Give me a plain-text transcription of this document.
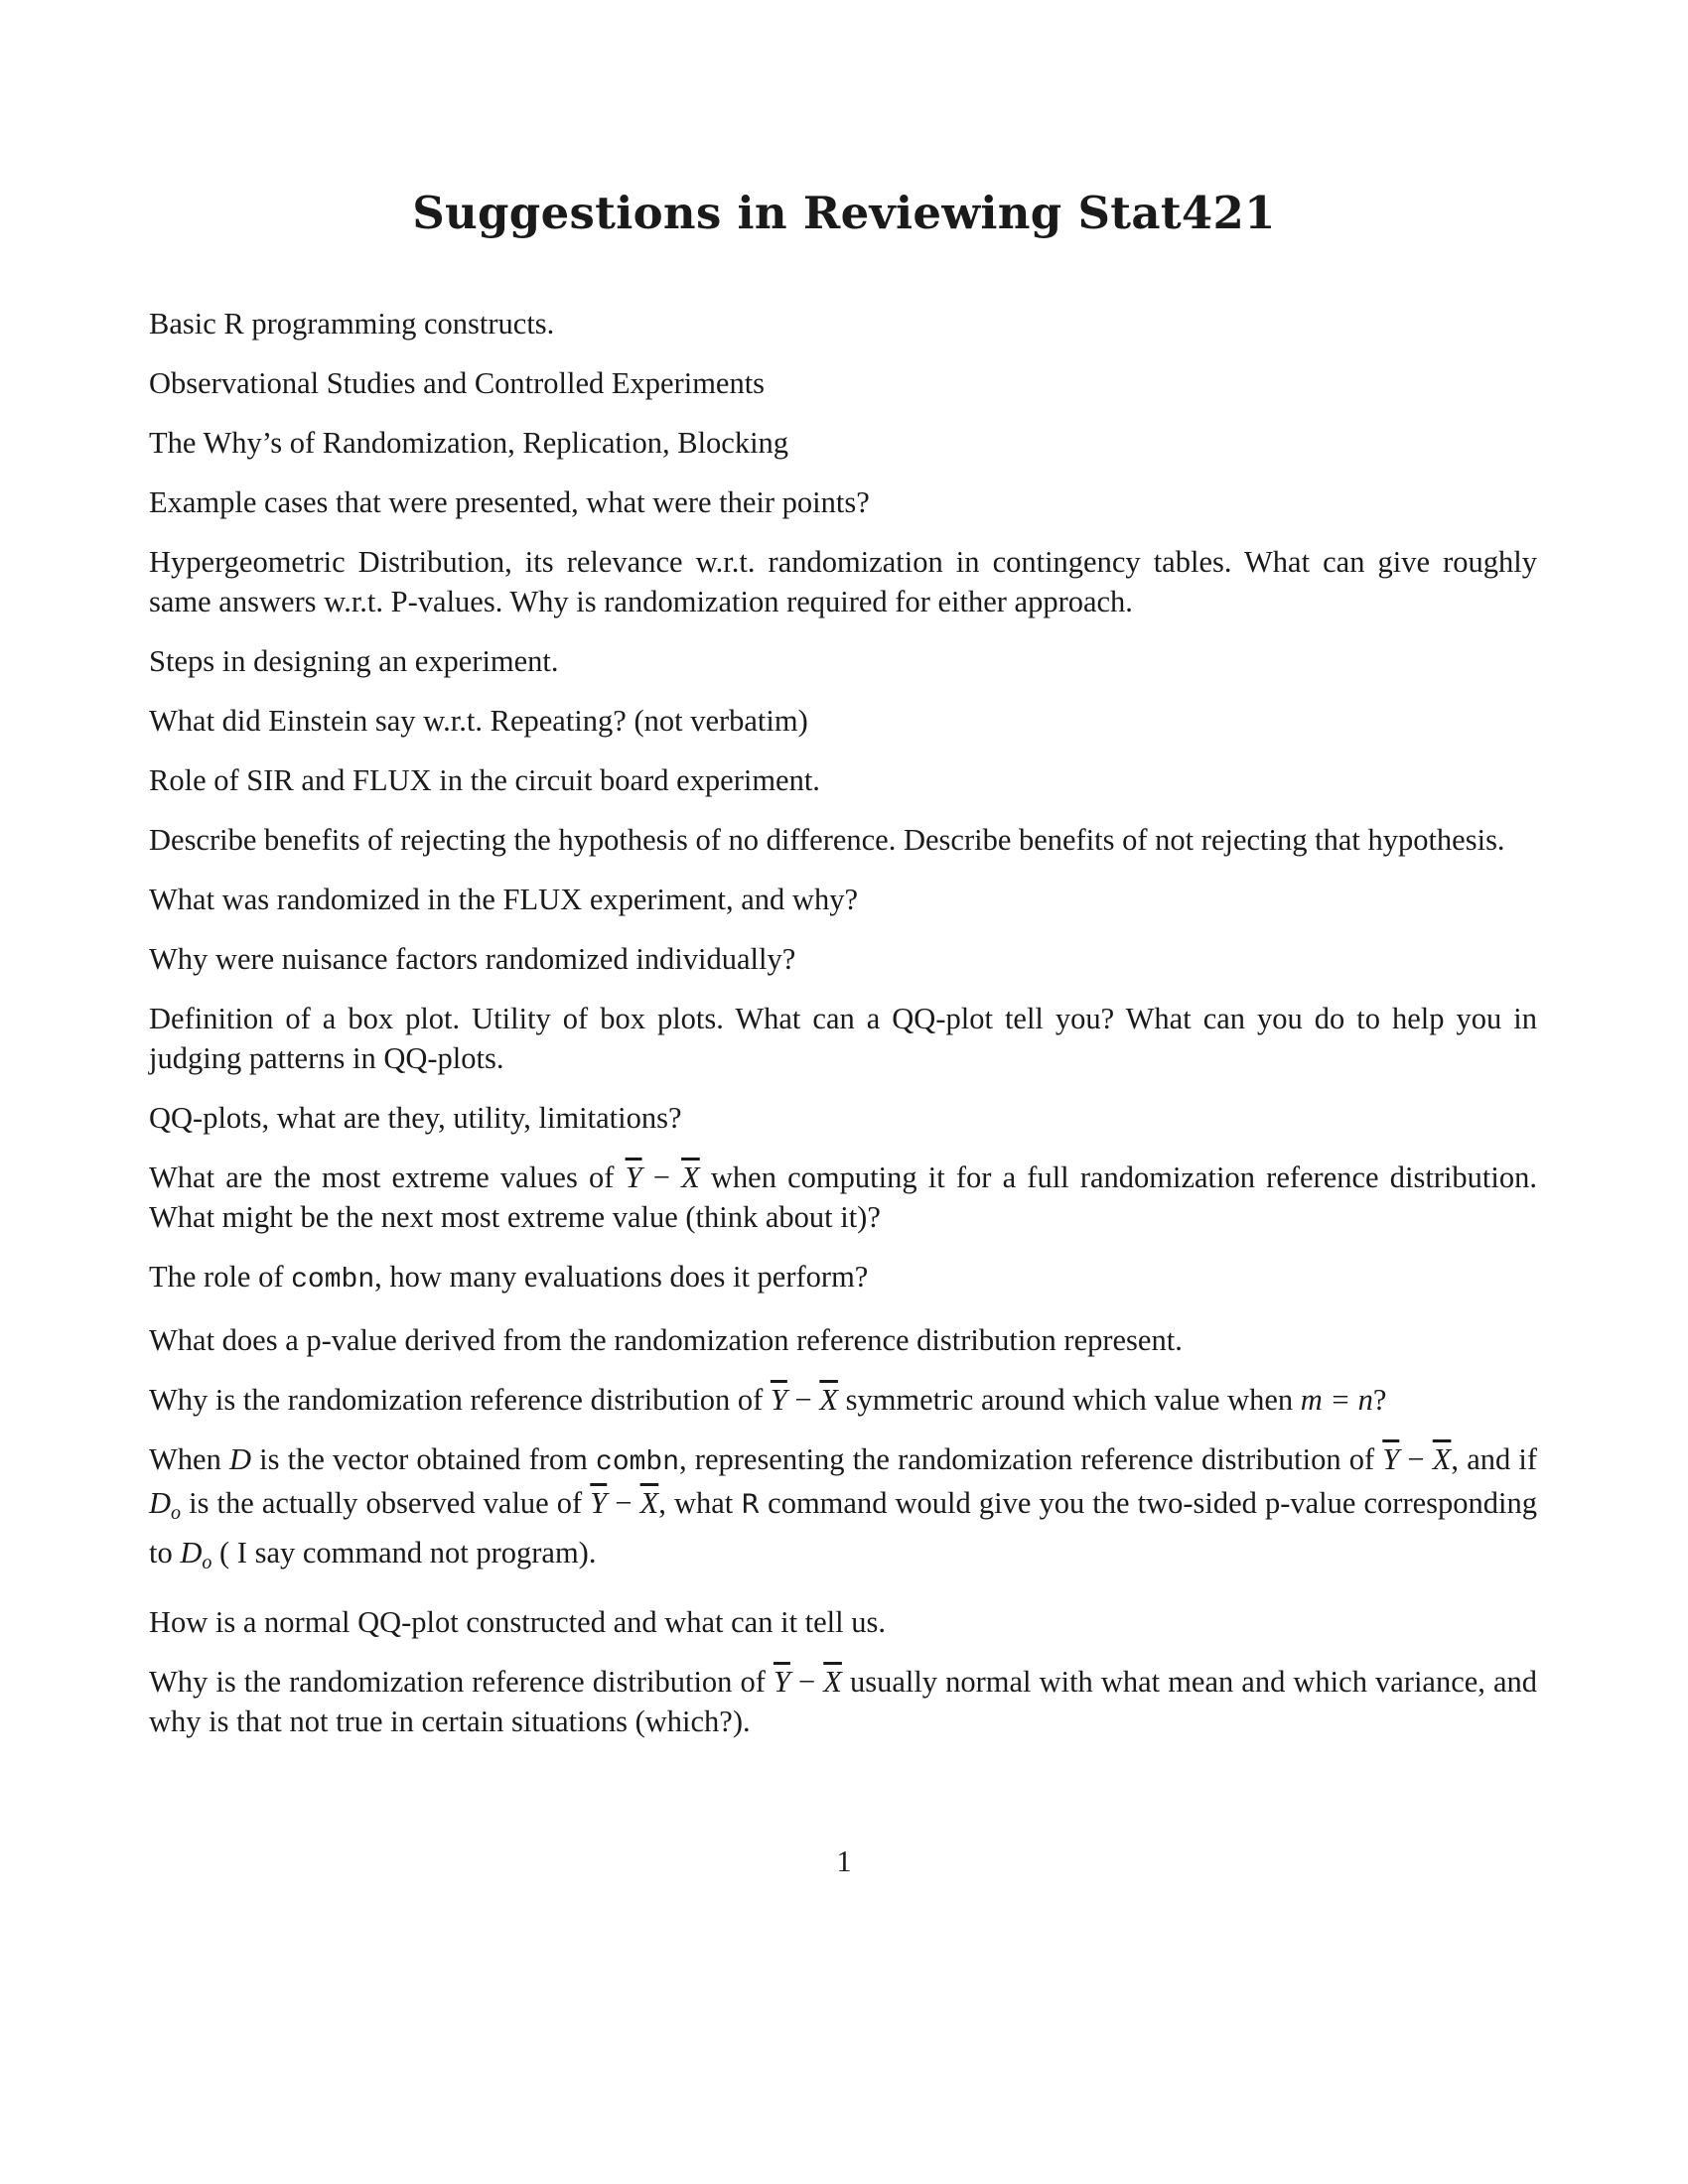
Suggestions in Reviewing Stat421

Basic R programming constructs.

Observational Studies and Controlled Experiments

The Why’s of Randomization, Replication, Blocking

Example cases that were presented, what were their points?

Hypergeometric Distribution, its relevance w.r.t. randomization in contingency tables. What can give roughly same answers w.r.t. P-values. Why is randomization required for either approach.

Steps in designing an experiment.

What did Einstein say w.r.t. Repeating? (not verbatim)

Role of SIR and FLUX in the circuit board experiment.

Describe benefits of rejecting the hypothesis of no difference. Describe benefits of not rejecting that hypothesis.

What was randomized in the FLUX experiment, and why?

Why were nuisance factors randomized individually?

Definition of a box plot. Utility of box plots. What can a QQ-plot tell you? What can you do to help you in judging patterns in QQ-plots.

QQ-plots, what are they, utility, limitations?

What are the most extreme values of $\overline{Y} - \overline{X}$ when computing it for a full randomization reference distribution. What might be the next most extreme value (think about it)?

The role of combn, how many evaluations does it perform?

What does a p-value derived from the randomization reference distribution represent.

Why is the randomization reference distribution of $\overline{Y} - \overline{X}$ symmetric around which value when m = n?

When D is the vector obtained from combn, representing the randomization reference distribution of $\overline{Y} - \overline{X}$, and if $D_o$ is the actually observed value of $\overline{Y} - \overline{X}$, what R command would give you the two-sided p-value corresponding to $D_o$ ( I say command not program).

How is a normal QQ-plot constructed and what can it tell us.

Why is the randomization reference distribution of $\overline{Y} - \overline{X}$ usually normal with what mean and which variance, and why is that not true in certain situations (which?).

1
